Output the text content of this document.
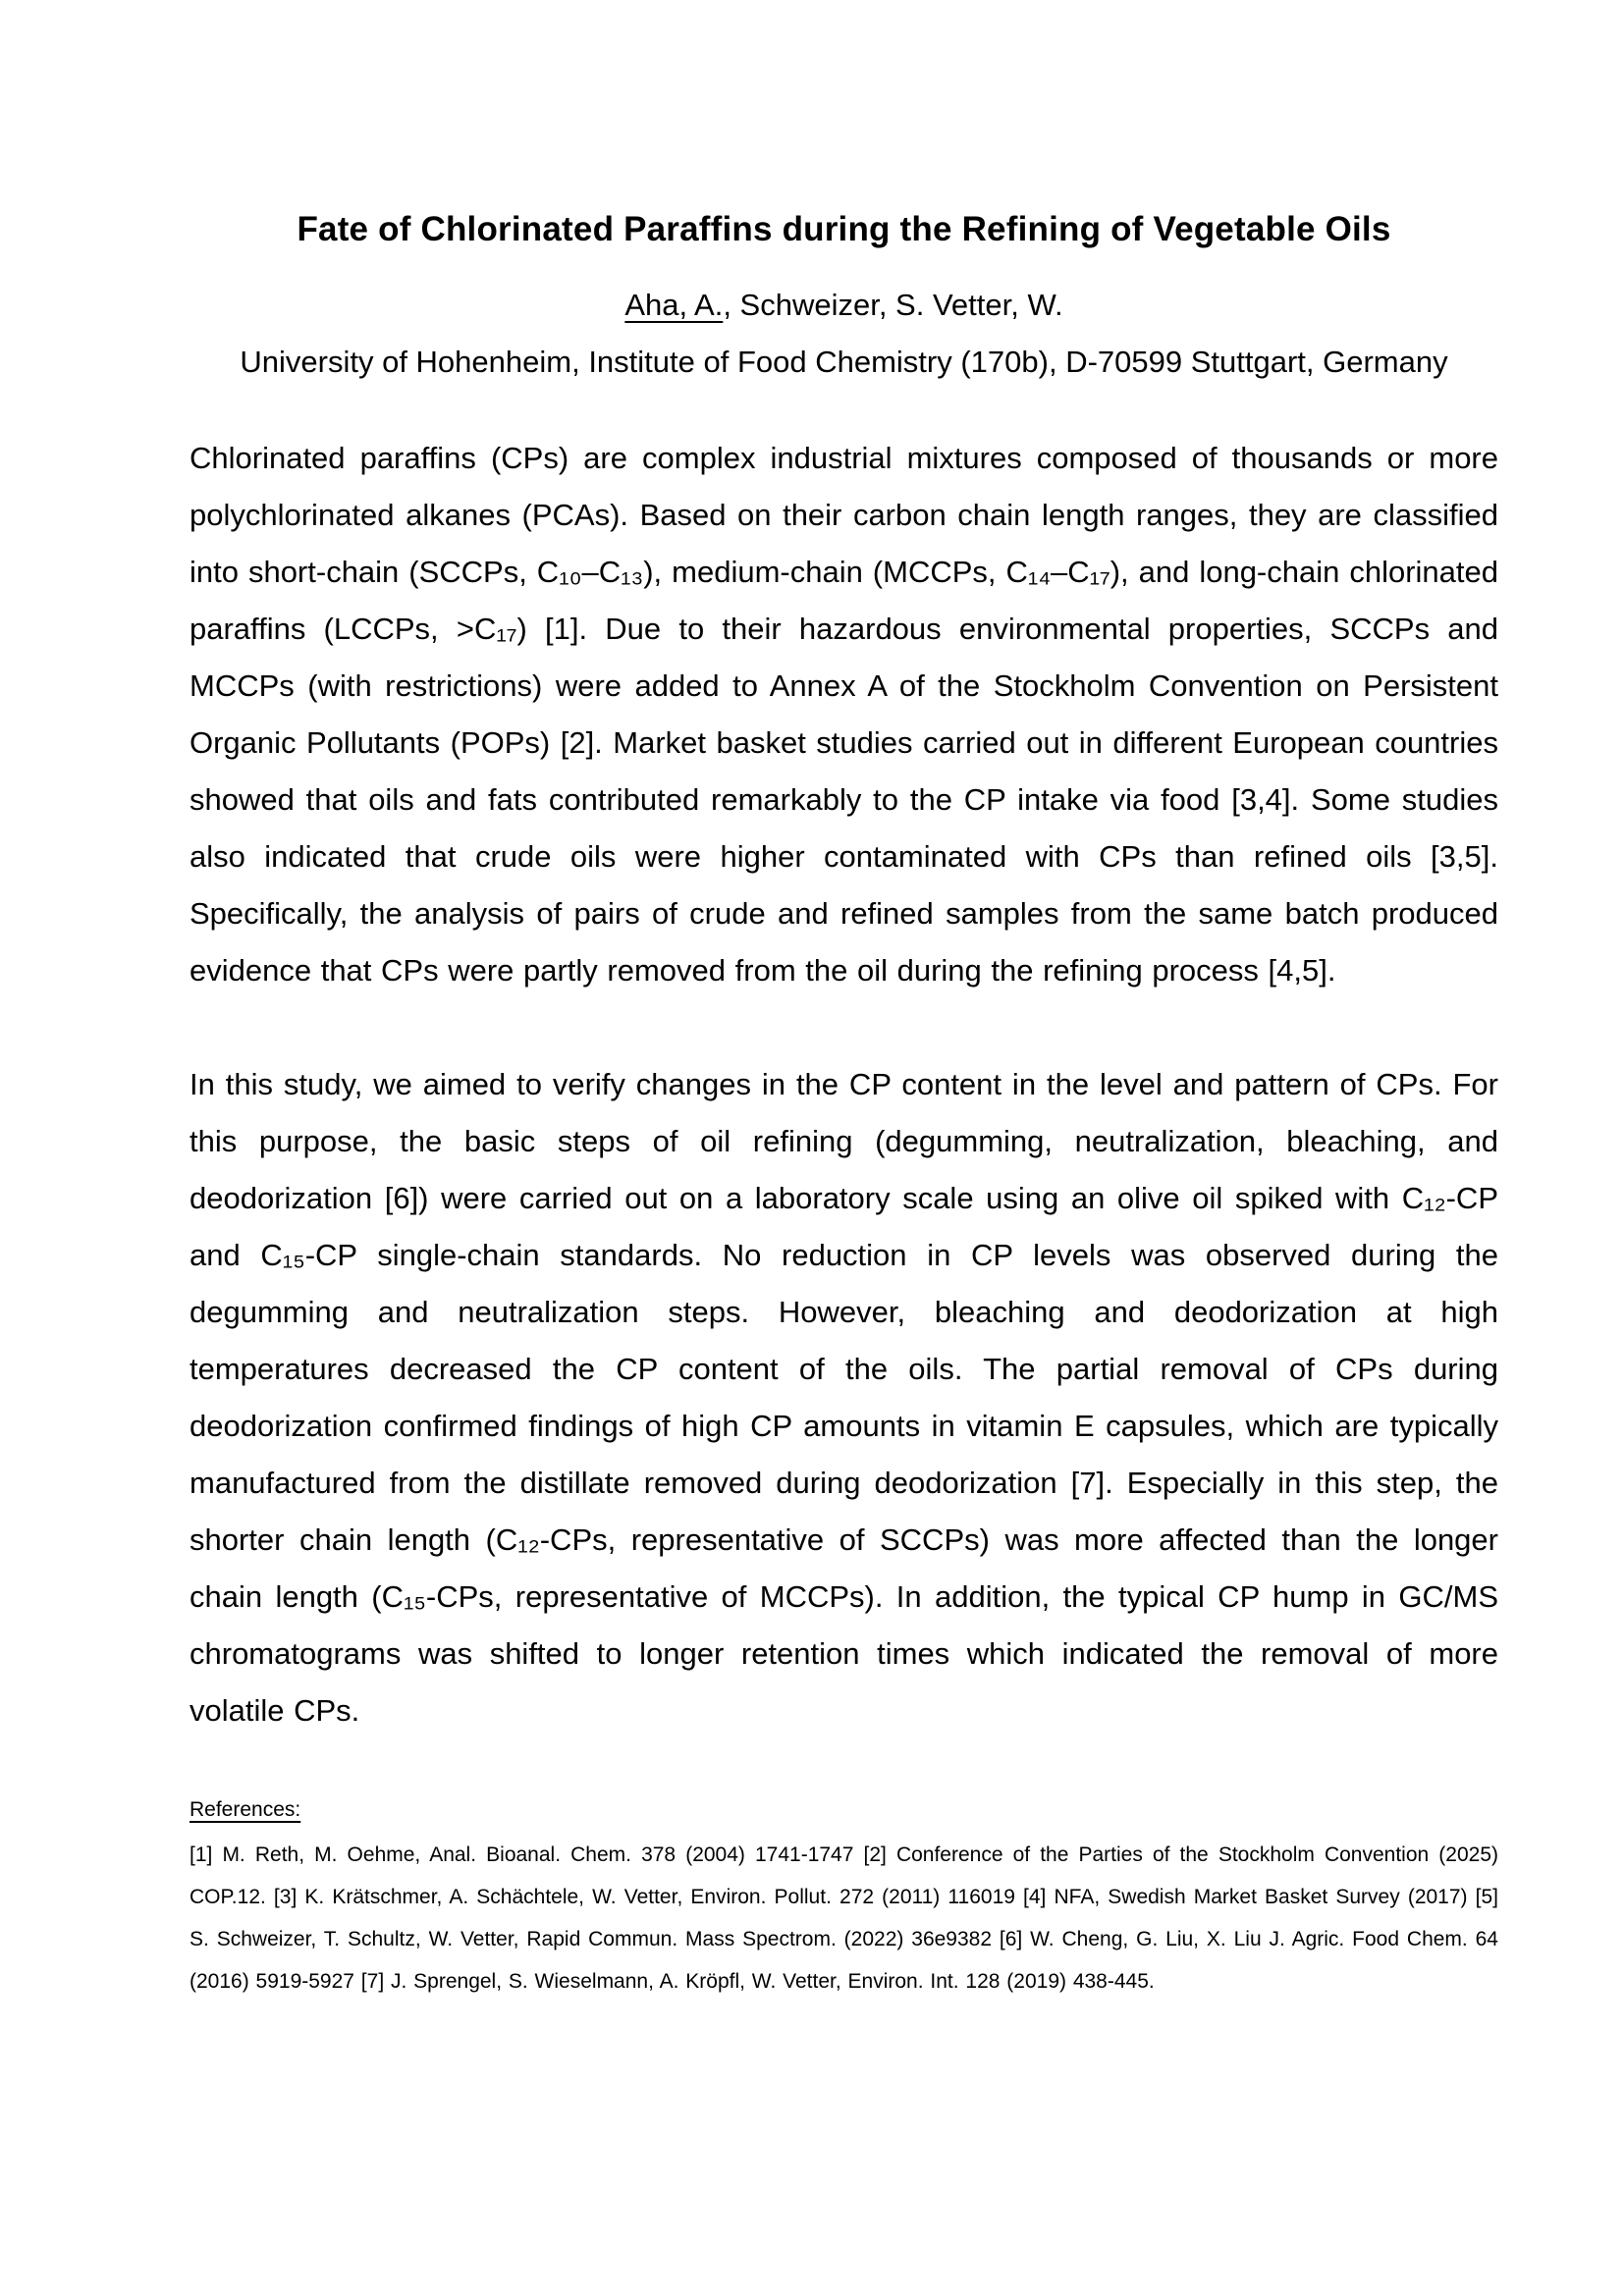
Fate of Chlorinated Paraffins during the Refining of Vegetable Oils

Aha, A., Schweizer, S. Vetter, W.

University of Hohenheim, Institute of Food Chemistry (170b), D-70599 Stuttgart, Germany

Chlorinated paraffins (CPs) are complex industrial mixtures composed of thousands or more polychlorinated alkanes (PCAs). Based on their carbon chain length ranges, they are classified into short-chain (SCCPs, C₁₀–C₁₃), medium-chain (MCCPs, C₁₄–C₁₇), and long-chain chlorinated paraffins (LCCPs, >C₁₇) [1]. Due to their hazardous environmental properties, SCCPs and MCCPs (with restrictions) were added to Annex A of the Stockholm Convention on Persistent Organic Pollutants (POPs) [2]. Market basket studies carried out in different European countries showed that oils and fats contributed remarkably to the CP intake via food [3,4]. Some studies also indicated that crude oils were higher contaminated with CPs than refined oils [3,5]. Specifically, the analysis of pairs of crude and refined samples from the same batch produced evidence that CPs were partly removed from the oil during the refining process [4,5].

In this study, we aimed to verify changes in the CP content in the level and pattern of CPs. For this purpose, the basic steps of oil refining (degumming, neutralization, bleaching, and deodorization [6]) were carried out on a laboratory scale using an olive oil spiked with C₁₂-CP and C₁₅-CP single-chain standards. No reduction in CP levels was observed during the degumming and neutralization steps. However, bleaching and deodorization at high temperatures decreased the CP content of the oils. The partial removal of CPs during deodorization confirmed findings of high CP amounts in vitamin E capsules, which are typically manufactured from the distillate removed during deodorization [7]. Especially in this step, the shorter chain length (C₁₂-CPs, representative of SCCPs) was more affected than the longer chain length (C₁₅-CPs, representative of MCCPs). In addition, the typical CP hump in GC/MS chromatograms was shifted to longer retention times which indicated the removal of more volatile CPs.

References:

[1] M. Reth, M. Oehme, Anal. Bioanal. Chem. 378 (2004) 1741-1747 [2] Conference of the Parties of the Stockholm Convention (2025) COP.12. [3] K. Krätschmer, A. Schächtele, W. Vetter, Environ. Pollut. 272 (2011) 116019 [4] NFA, Swedish Market Basket Survey (2017) [5] S. Schweizer, T. Schultz, W. Vetter, Rapid Commun. Mass Spectrom. (2022) 36e9382 [6] W. Cheng, G. Liu, X. Liu J. Agric. Food Chem. 64 (2016) 5919-5927 [7] J. Sprengel, S. Wieselmann, A. Kröpfl, W. Vetter, Environ. Int. 128 (2019) 438-445.
